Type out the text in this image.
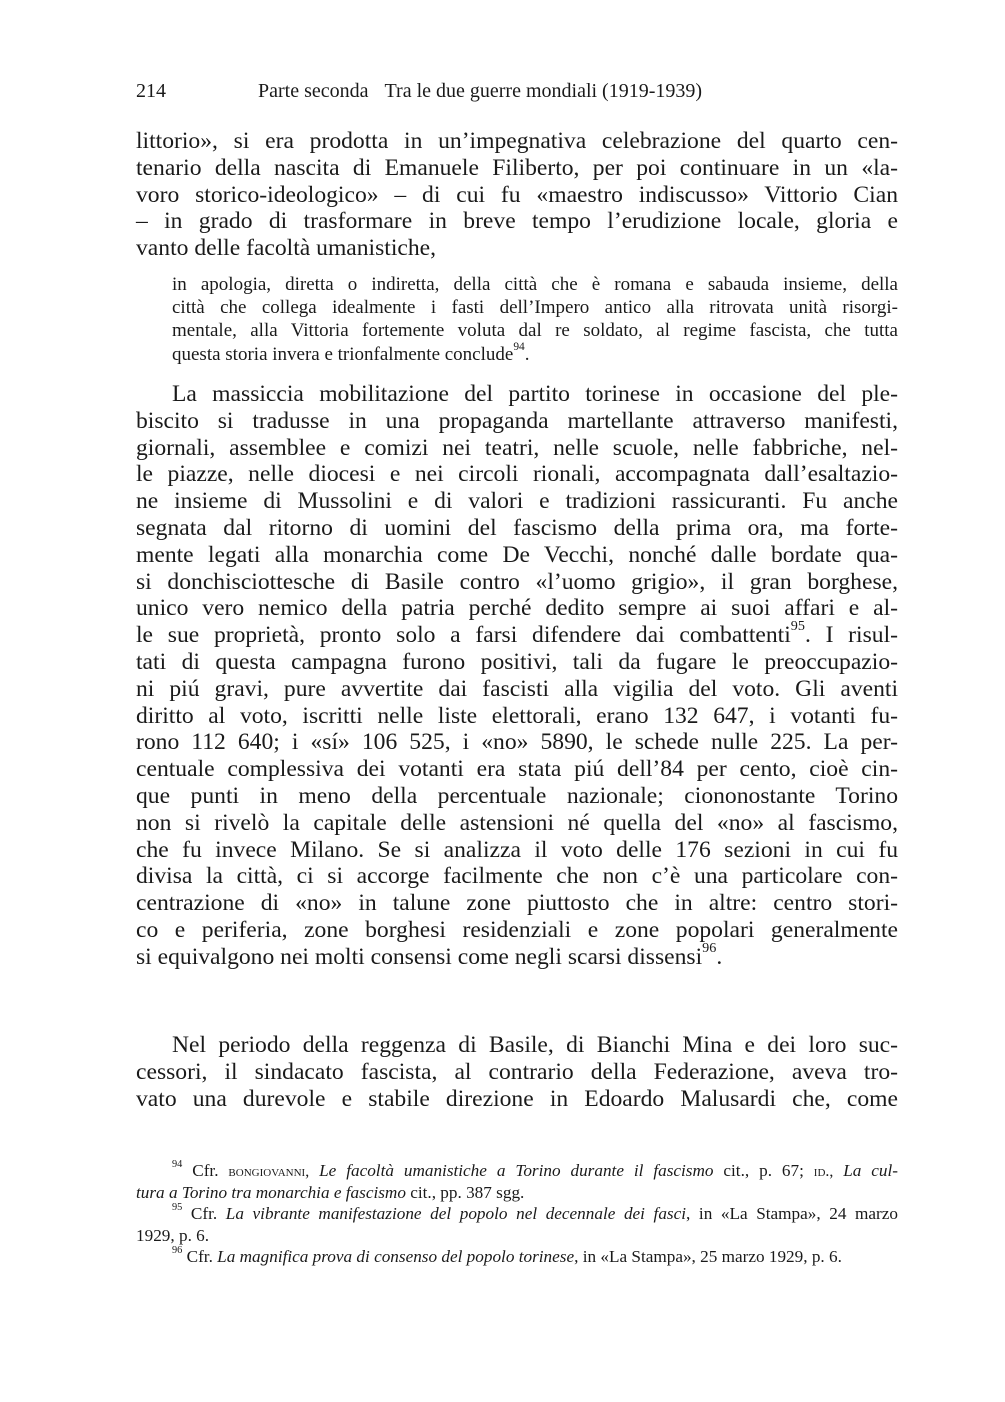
214	Parte seconda Tra le due guerre mondiali (1919-1939)
littorio», si era prodotta in un’impegnativa celebrazione del quarto cen-
tenario della nascita di Emanuele Filiberto, per poi continuare in un «la-
voro storico-ideologico» – di cui fu «maestro indiscusso» Vittorio Cian
– in grado di trasformare in breve tempo l’erudizione locale, gloria e
vanto delle facoltà umanistiche,
in apologia, diretta o indiretta, della città che è romana e sabauda insieme, della
città che collega idealmente i fasti dell’Impero antico alla ritrovata unità risorgi-
mentale, alla Vittoria fortemente voluta dal re soldato, al regime fascista, che tutta
questa storia invera e trionfalmente conclude$^{94}$.
La massiccia mobilitazione del partito torinese in occasione del ple-
biscito si tradusse in una propaganda martellante attraverso manifesti,
giornali, assemblee e comizi nei teatri, nelle scuole, nelle fabbriche, nel-
le piazze, nelle diocesi e nei circoli rionali, accompagnata dall’esaltazio-
ne insieme di Mussolini e di valori e tradizioni rassicuranti. Fu anche
segnata dal ritorno di uomini del fascismo della prima ora, ma forte-
mente legati alla monarchia come De Vecchi, nonché dalle bordate qua-
si donchisciottesche di Basile contro «l’uomo grigio», il gran borghese,
unico vero nemico della patria perché dedito sempre ai suoi affari e al-
le sue proprietà, pronto solo a farsi difendere dai combattenti$^{95}$. I risul-
tati di questa campagna furono positivi, tali da fugare le preoccupazio-
ni piú gravi, pure avvertite dai fascisti alla vigilia del voto. Gli aventi
diritto al voto, iscritti nelle liste elettorali, erano 132 647, i votanti fu-
rono 112 640; i «sí» 106 525, i «no» 5890, le schede nulle 225. La per-
centuale complessiva dei votanti era stata piú dell’84 per cento, cioè cin-
que punti in meno della percentuale nazionale; ciononostante Torino
non si rivelò la capitale delle astensioni né quella del «no» al fascismo,
che fu invece Milano. Se si analizza il voto delle 176 sezioni in cui fu
divisa la città, ci si accorge facilmente che non c’è una particolare con-
centrazione di «no» in talune zone piuttosto che in altre: centro stori-
co e periferia, zone borghesi residenziali e zone popolari generalmente
si equivalgono nei molti consensi come negli scarsi dissensi$^{96}$.
Nel periodo della reggenza di Basile, di Bianchi Mina e dei loro suc-
cessori, il sindacato fascista, al contrario della Federazione, aveva tro-
vato una durevole e stabile direzione in Edoardo Malusardi che, come
$^{94}$ Cfr. bongiovanni, Le facoltà umanistiche a Torino durante il fascismo cit., p. 67; id., La cul-
tura a Torino tra monarchia e fascismo cit., pp. 387 sgg.
$^{95}$ Cfr. La vibrante manifestazione del popolo nel decennale dei fasci, in «La Stampa», 24 marzo
1929, p. 6.
$^{96}$ Cfr. La magnifica prova di consenso del popolo torinese, in «La Stampa», 25 marzo 1929, p. 6.
